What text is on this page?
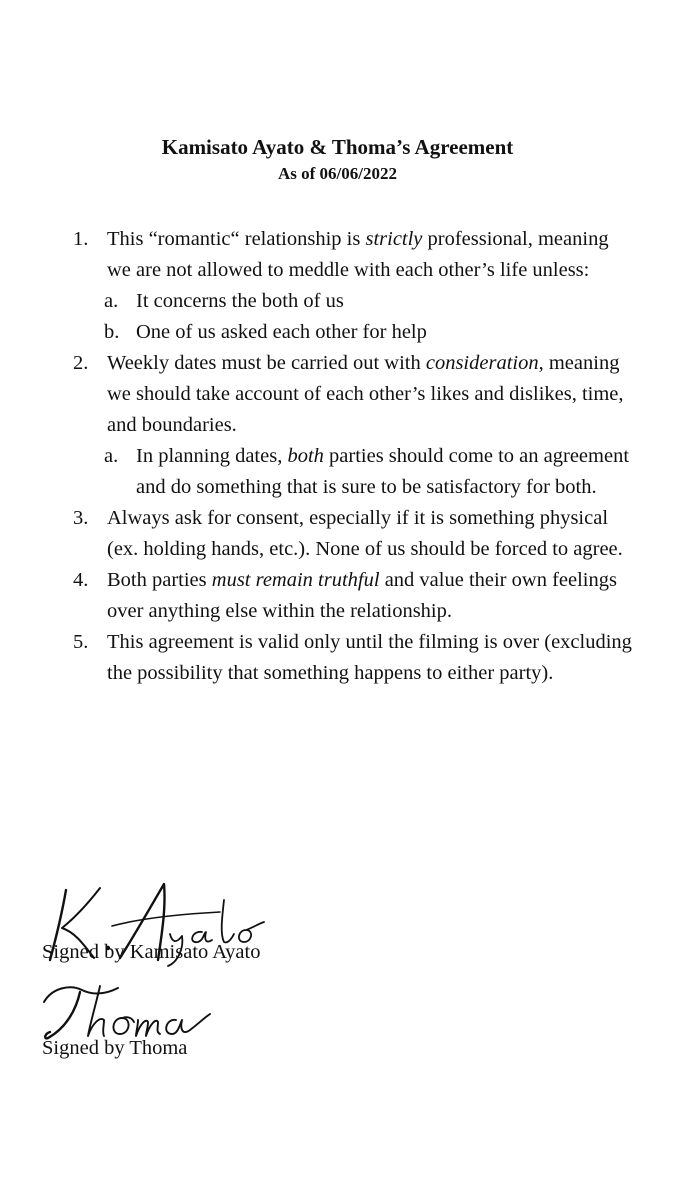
Kamisato Ayato & Thoma’s Agreement
As of 06/06/2022
1. This “romantic“ relationship is strictly professional, meaning we are not allowed to meddle with each other’s life unless:
a. It concerns the both of us
b. One of us asked each other for help
2. Weekly dates must be carried out with consideration, meaning we should take account of each other’s likes and dislikes, time, and boundaries.
a. In planning dates, both parties should come to an agreement and do something that is sure to be satisfactory for both.
3. Always ask for consent, especially if it is something physical (ex. holding hands, etc.). None of us should be forced to agree.
4. Both parties must remain truthful and value their own feelings over anything else within the relationship.
5. This agreement is valid only until the filming is over (excluding the possibility that something happens to either party).
Signed by Kamisato Ayato
Signed by Thoma
